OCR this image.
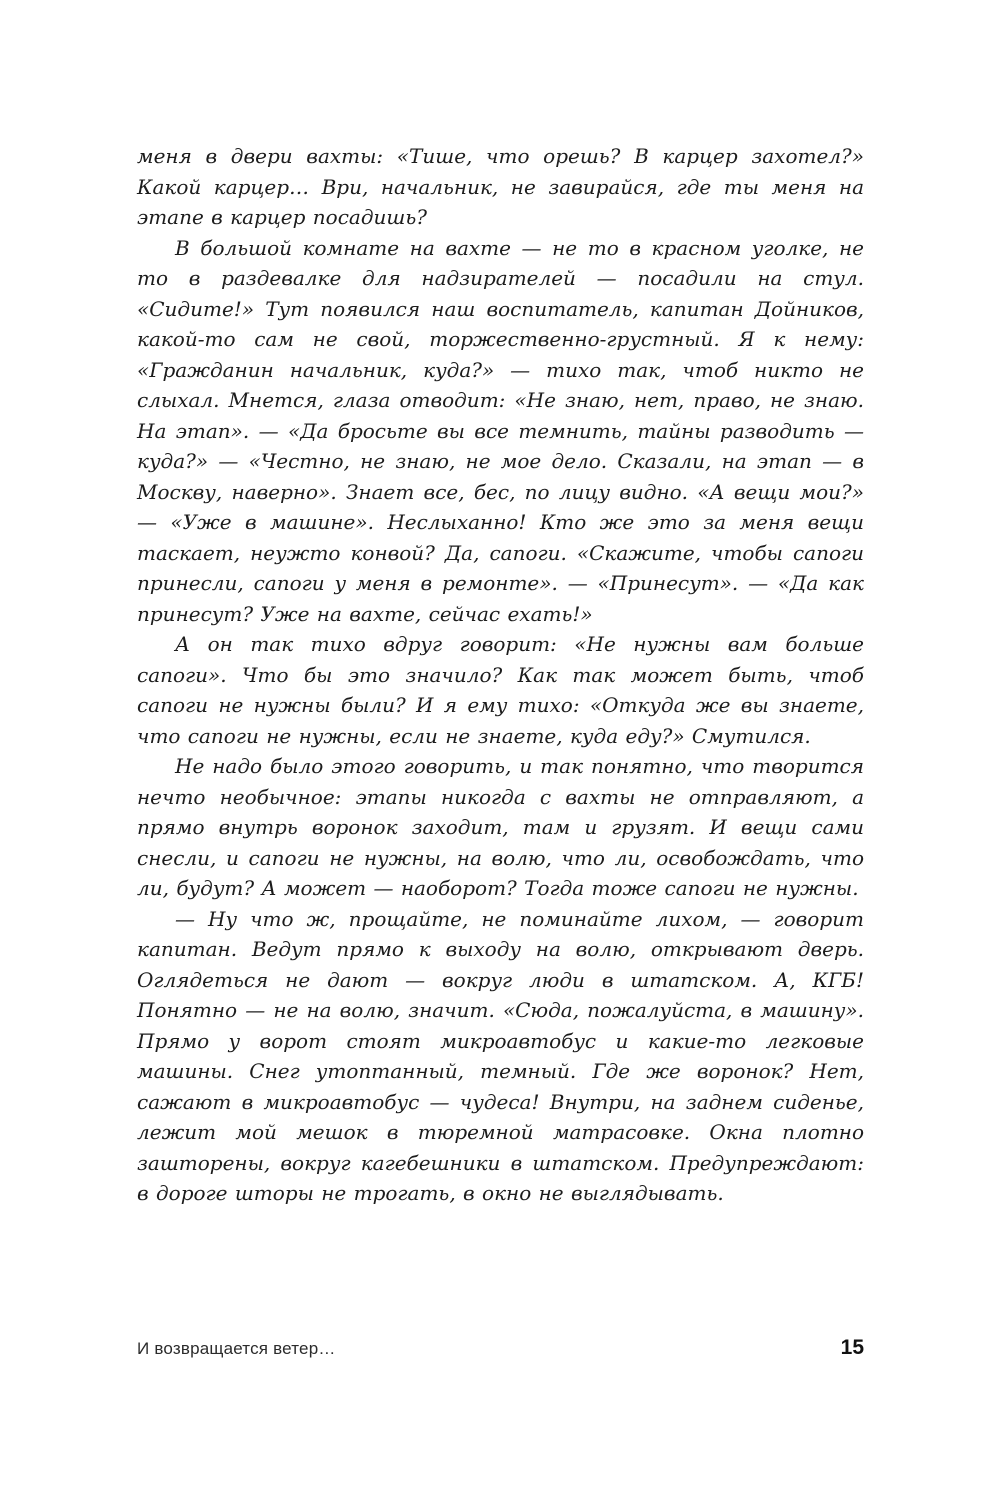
меня в двери вахты: «Тише, что орешь? В карцер захотел?» Какой карцер… Ври, начальник, не завирайся, где ты меня на этапе в карцер посадишь?

В большой комнате на вахте — не то в красном уголке, не то в раздевалке для надзирателей — посадили на стул. «Сидите!» Тут появился наш воспитатель, капитан Дойников, какой-то сам не свой, торжественно-грустный. Я к нему: «Гражданин начальник, куда?» — тихо так, чтоб никто не слыхал. Мнется, глаза отводит: «Не знаю, нет, право, не знаю. На этап». — «Да бросьте вы все темнить, тайны разводить — куда?» — «Честно, не знаю, не мое дело. Сказали, на этап — в Москву, наверно». Знает все, бес, по лицу видно. «А вещи мои?» — «Уже в машине». Неслыханно! Кто же это за меня вещи таскает, неужто конвой? Да, сапоги. «Скажите, чтобы сапоги принесли, сапоги у меня в ремонте». — «Принесут». — «Да как принесут? Уже на вахте, сейчас ехать!»

А он так тихо вдруг говорит: «Не нужны вам больше сапоги». Что бы это значило? Как так может быть, чтоб сапоги не нужны были? И я ему тихо: «Откуда же вы знаете, что сапоги не нужны, если не знаете, куда еду?» Смутился.

Не надо было этого говорить, и так понятно, что творится нечто необычное: этапы никогда с вахты не отправляют, а прямо внутрь воронок заходит, там и грузят. И вещи сами снесли, и сапоги не нужны, на волю, что ли, освобождать, что ли, будут? А может — наоборот? Тогда тоже сапоги не нужны.

— Ну что ж, прощайте, не поминайте лихом, — говорит капитан. Ведут прямо к выходу на волю, открывают дверь. Оглядеться не дают — вокруг люди в штатском. А, КГБ! Понятно — не на волю, значит. «Сюда, пожалуйста, в машину». Прямо у ворот стоят микроавтобус и какие-то легковые машины. Снег утоптанный, темный. Где же воронок? Нет, сажают в микроавтобус — чудеса! Внутри, на заднем сиденье, лежит мой мешок в тюремной матрасовке. Окна плотно зашторены, вокруг кагебешники в штатском. Предупреждают: в дороге шторы не трогать, в окно не выглядывать.

И возвращается ветер…	15
